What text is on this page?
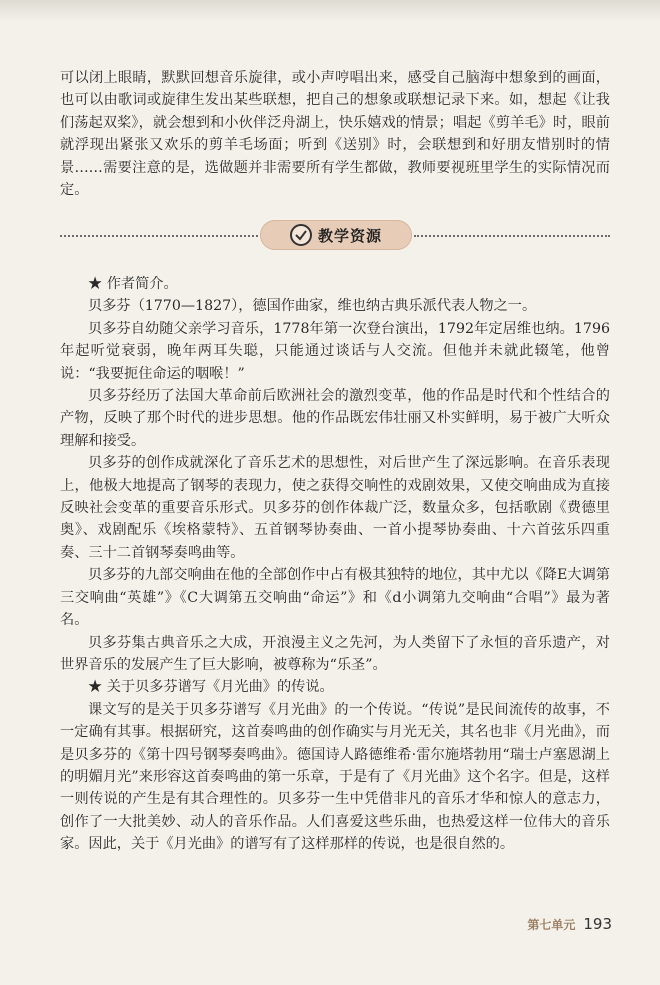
可以闭上眼睛，默默回想音乐旋律，或小声哼唱出来，感受自己脑海中想象到的画面，也可以由歌词或旋律生发出某些联想，把自己的想象或联想记录下来。如，想起《让我们荡起双桨》，就会想到和小伙伴泛舟湖上，快乐嬉戏的情景；唱起《剪羊毛》时，眼前就浮现出紧张又欢乐的剪羊毛场面；听到《送别》时，会联想到和好朋友惜别时的情景……需要注意的是，选做题并非需要所有学生都做，教师要视班里学生的实际情况而定。

教学资源

★ 作者简介。

贝多芬（1770—1827），德国作曲家，维也纳古典乐派代表人物之一。

贝多芬自幼随父亲学习音乐，1778年第一次登台演出，1792年定居维也纳。1796年起听觉衰弱，晚年两耳失聪，只能通过谈话与人交流。但他并未就此辍笔，他曾说：“我要扼住命运的咽喉！”

贝多芬经历了法国大革命前后欧洲社会的激烈变革，他的作品是时代和个性结合的产物，反映了那个时代的进步思想。他的作品既宏伟壮丽又朴实鲜明，易于被广大听众理解和接受。

贝多芬的创作成就深化了音乐艺术的思想性，对后世产生了深远影响。在音乐表现上，他极大地提高了钢琴的表现力，使之获得交响性的戏剧效果，又使交响曲成为直接反映社会变革的重要音乐形式。贝多芬的创作体裁广泛，数量众多，包括歌剧《费德里奥》、戏剧配乐《埃格蒙特》、五首钢琴协奏曲、一首小提琴协奏曲、十六首弦乐四重奏、三十二首钢琴奏鸣曲等。

贝多芬的九部交响曲在他的全部创作中占有极其独特的地位，其中尤以《降E大调第三交响曲“英雄”》《C大调第五交响曲“命运”》和《d小调第九交响曲“合唱”》最为著名。

贝多芬集古典音乐之大成，开浪漫主义之先河，为人类留下了永恒的音乐遗产，对世界音乐的发展产生了巨大影响，被尊称为“乐圣”。

★ 关于贝多芬谱写《月光曲》的传说。

课文写的是关于贝多芬谱写《月光曲》的一个传说。“传说”是民间流传的故事，不一定确有其事。根据研究，这首奏鸣曲的创作确实与月光无关，其名也非《月光曲》，而是贝多芬的《第十四号钢琴奏鸣曲》。德国诗人路德维希·雷尔施塔勃用“瑞士卢塞恩湖上的明媚月光”来形容这首奏鸣曲的第一乐章，于是有了《月光曲》这个名字。但是，这样一则传说的产生是有其合理性的。贝多芬一生中凭借非凡的音乐才华和惊人的意志力，创作了一大批美妙、动人的音乐作品。人们喜爱这些乐曲，也热爱这样一位伟大的音乐家。因此，关于《月光曲》的谱写有了这样那样的传说，也是很自然的。

第七单元 193
